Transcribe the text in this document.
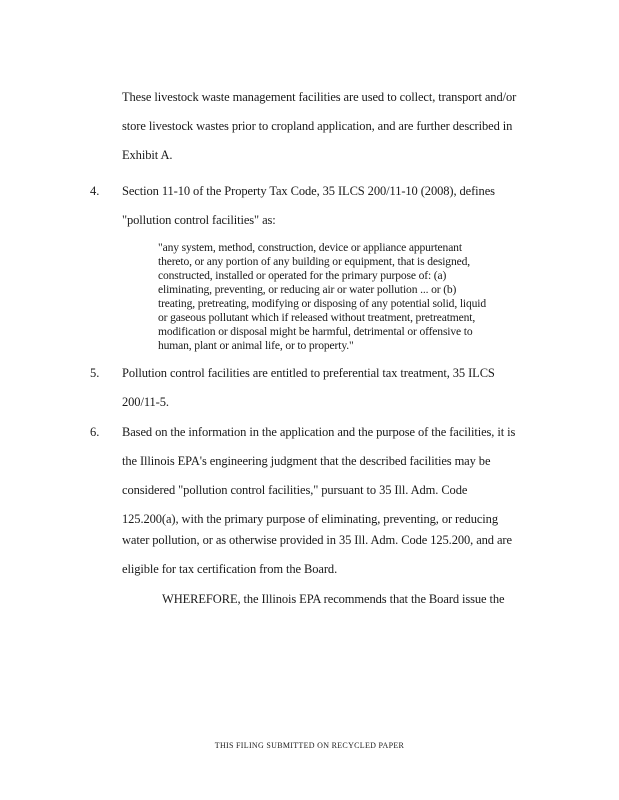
These livestock waste management facilities are used to collect, transport and/or
store livestock wastes prior to cropland application, and are further described in
Exhibit A.
4. Section 11-10 of the Property Tax Code, 35 ILCS 200/11-10 (2008), defines
"pollution control facilities" as:
"any system, method, construction, device or appliance appurtenant
thereto, or any portion of any building or equipment, that is designed,
constructed, installed or operated for the primary purpose of: (a)
eliminating, preventing, or reducing air or water pollution ... or (b)
treating, pretreating, modifying or disposing of any potential solid, liquid
or gaseous pollutant which if released without treatment, pretreatment,
modification or disposal might be harmful, detrimental or offensive to
human, plant or animal life, or to property."
5. Pollution control facilities are entitled to preferential tax treatment, 35 ILCS
200/11-5.
6. Based on the information in the application and the purpose of the facilities, it is
the Illinois EPA's engineering judgment that the described facilities may be
considered "pollution control facilities," pursuant to 35 Ill. Adm. Code
125.200(a), with the primary purpose of eliminating, preventing, or reducing
water pollution, or as otherwise provided in 35 Ill. Adm. Code 125.200, and are
eligible for tax certification from the Board.
WHEREFORE, the Illinois EPA recommends that the Board issue the
THIS FILING SUBMITTED ON RECYCLED PAPER
